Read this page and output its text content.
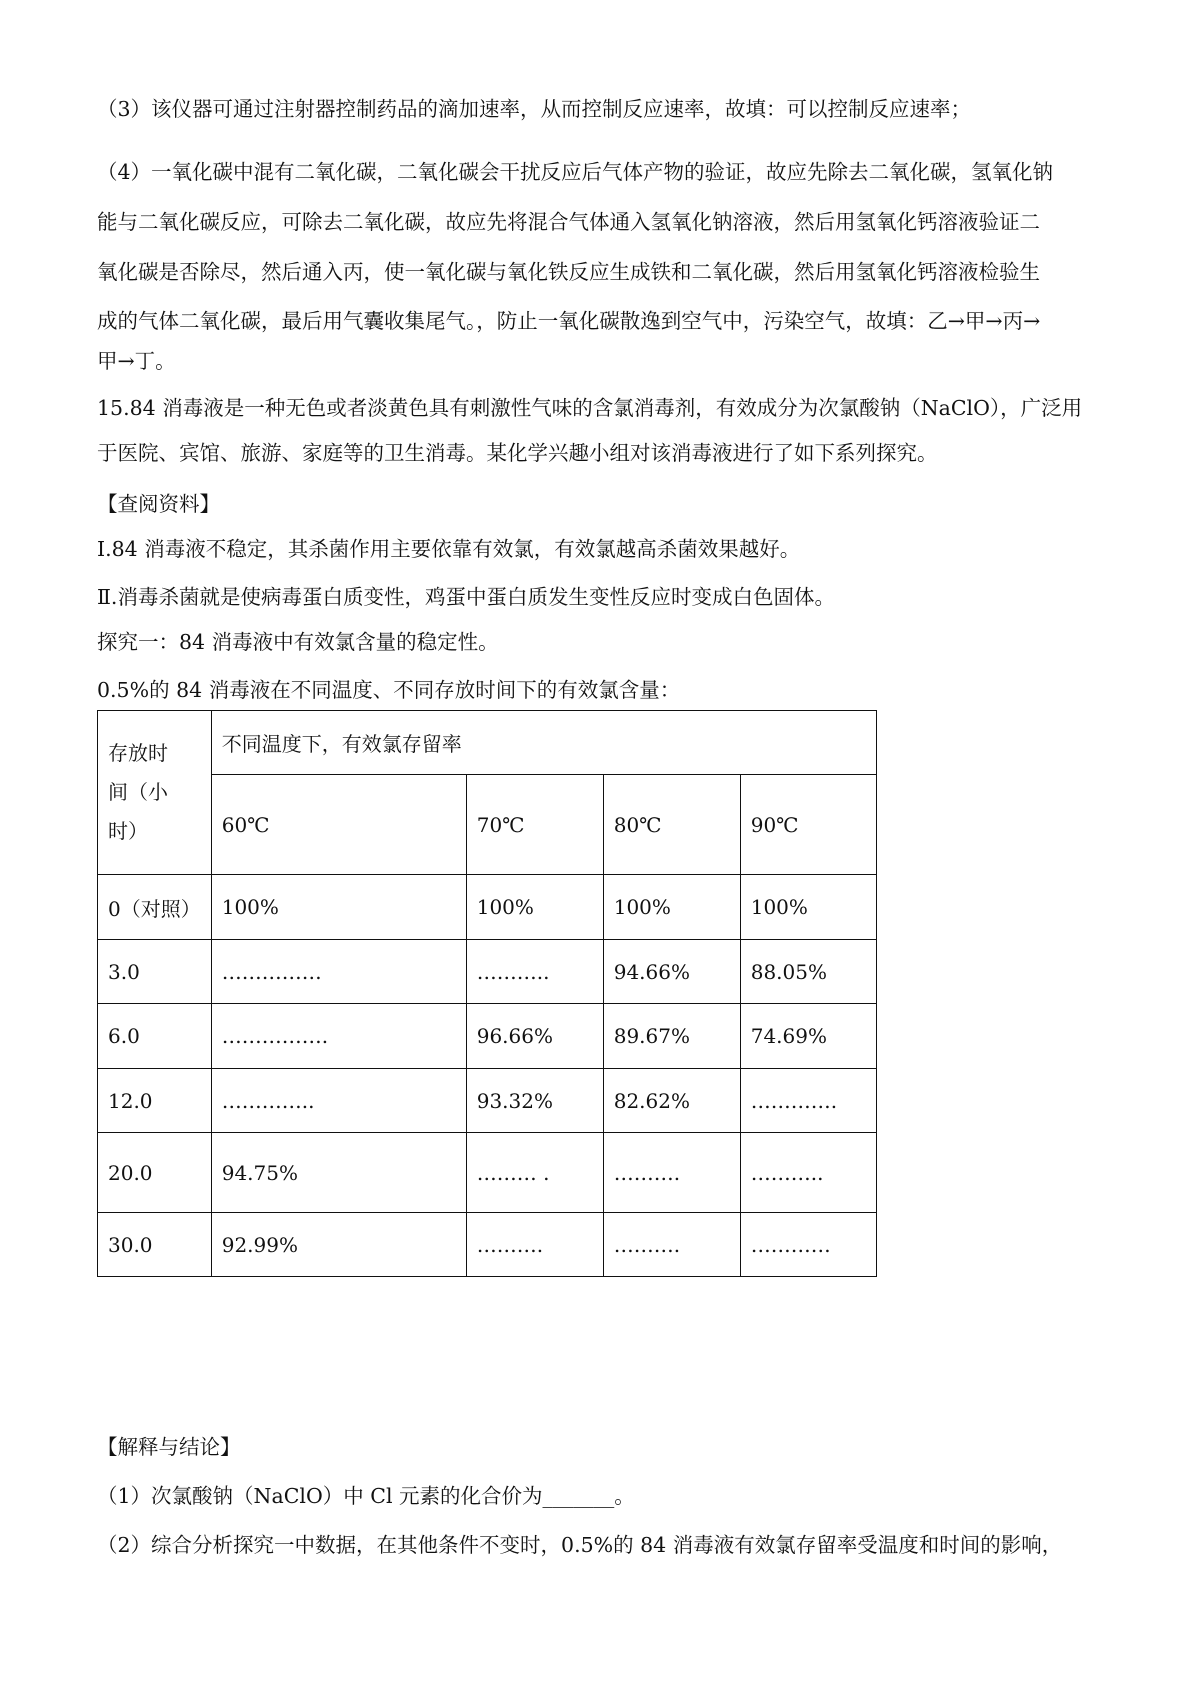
（3）该仪器可通过注射器控制药品的滴加速率，从而控制反应速率，故填：可以控制反应速率；

（4）一氧化碳中混有二氧化碳，二氧化碳会干扰反应后气体产物的验证，故应先除去二氧化碳，氢氧化钠

能与二氧化碳反应，可除去二氧化碳，故应先将混合气体通入氢氧化钠溶液，然后用氢氧化钙溶液验证二

氧化碳是否除尽，然后通入丙，使一氧化碳与氧化铁反应生成铁和二氧化碳，然后用氢氧化钙溶液检验生

成的气体二氧化碳，最后用气囊收集尾气。，防止一氧化碳散逸到空气中，污染空气，故填：乙→甲→丙→

甲→丁。

15.84 消毒液是一种无色或者淡黄色具有刺激性气味的含氯消毒剂，有效成分为次氯酸钠（NaClO），广泛用

于医院、宾馆、旅游、家庭等的卫生消毒。某化学兴趣小组对该消毒液进行了如下系列探究。

【查阅资料】

Ⅰ.84 消毒液不稳定，其杀菌作用主要依靠有效氯，有效氯越高杀菌效果越好。

Ⅱ.消毒杀菌就是使病毒蛋白质变性，鸡蛋中蛋白质发生变性反应时变成白色固体。

探究一：84 消毒液中有效氯含量的稳定性。

0.5%的 84 消毒液在不同温度、不同存放时间下的有效氯含量：

存放时
间（小
时）	不同温度下，有效氯存留率			
	60℃	70℃	80℃	90℃
0（对照）	100%	100%	100%	100%
3.0	……………	………..	94.66%	88.05%
6.0	…………….	96.66%	89.67%	74.69%
12.0	…………..	93.32%	82.62%	………….
20.0	94.75%	……… .	……….	………..
30.0	92.99%	……….	……….	…………

【解释与结论】

（1）次氯酸钠（NaClO）中 Cl 元素的化合价为_______。

（2）综合分析探究一中数据，在其他条件不变时，0.5%的 84 消毒液有效氯存留率受温度和时间的影响，
